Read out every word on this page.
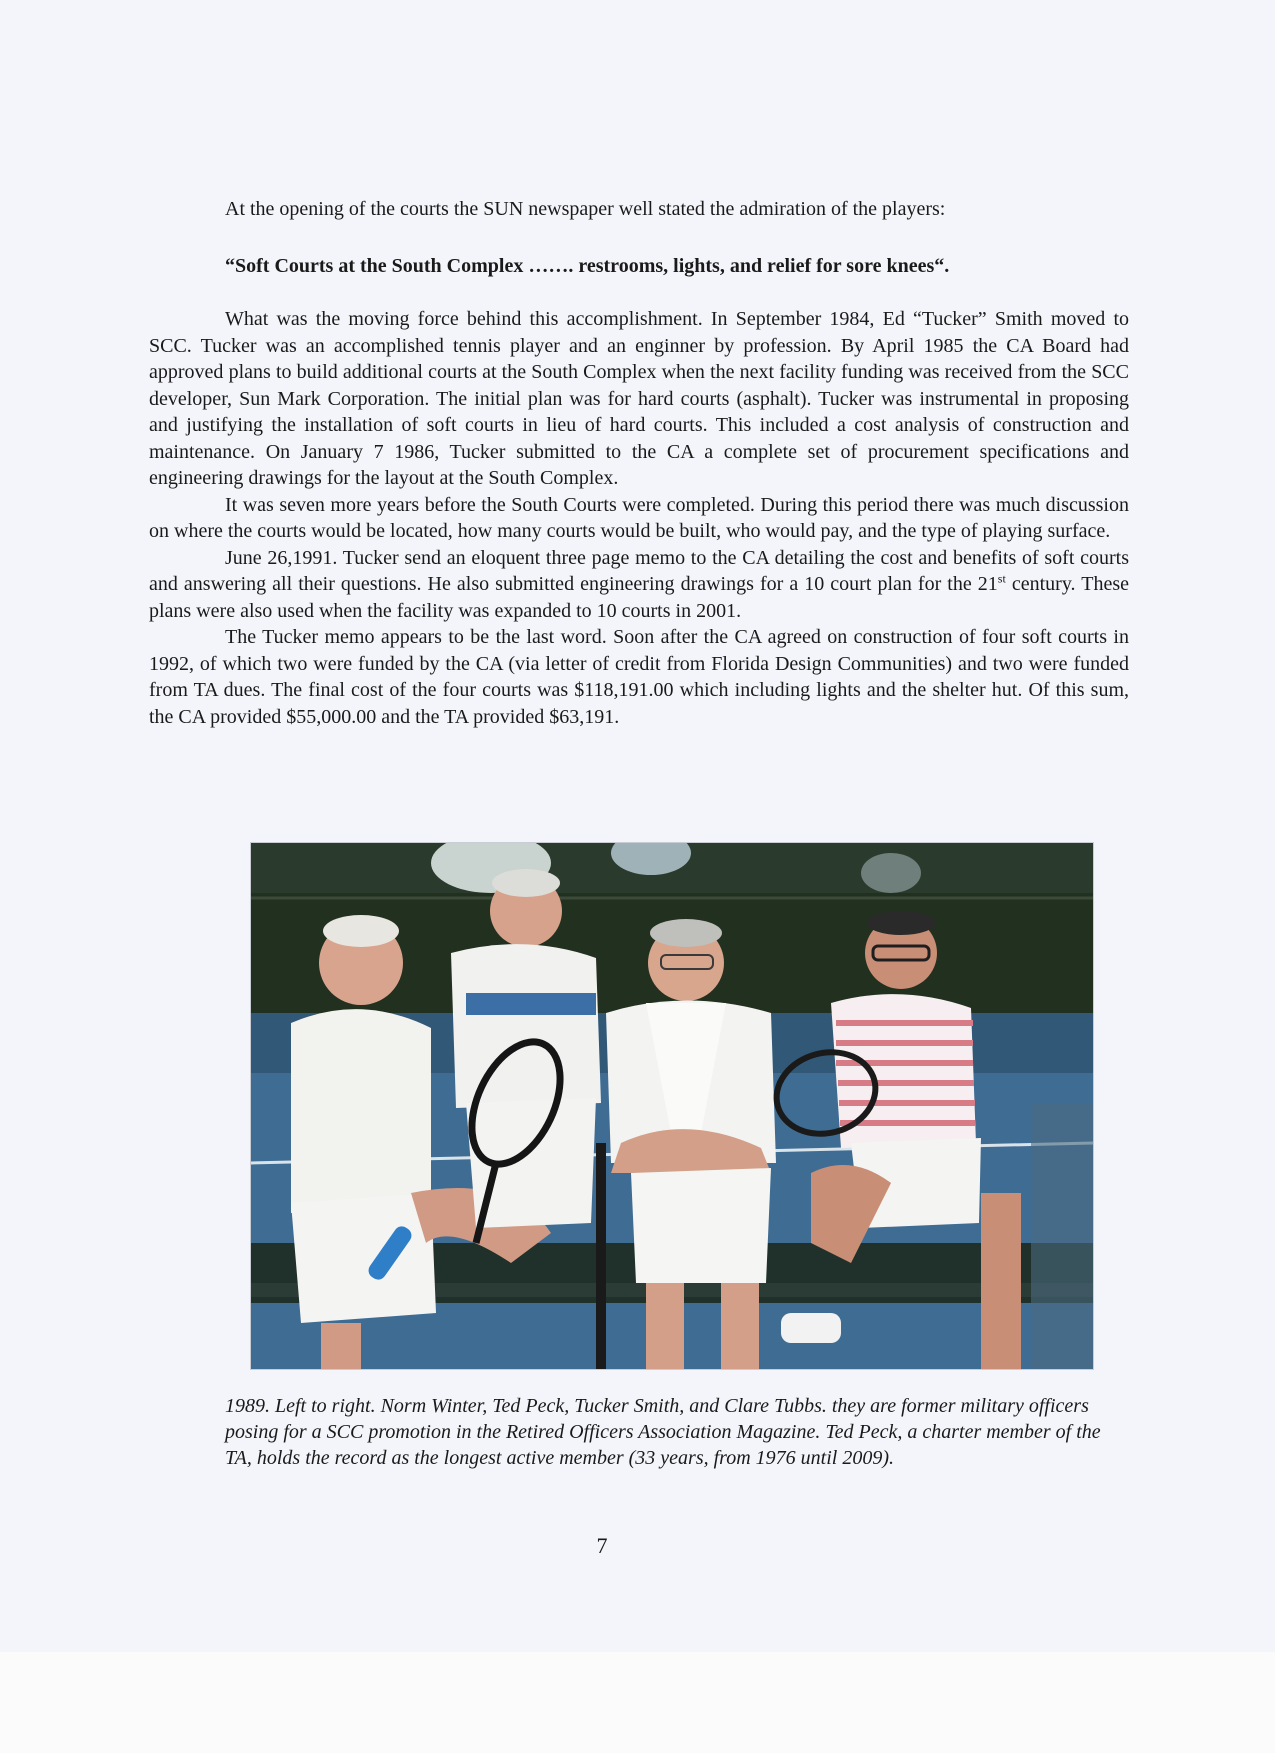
At the opening of the courts the SUN newspaper well stated the admiration of the players:
“Soft Courts at the South Complex ……. restrooms, lights, and relief for sore knees“.

What was the moving force behind this accomplishment. In September 1984, Ed “Tucker” Smith moved to SCC. Tucker was an accomplished tennis player and an enginner by profession. By April 1985 the CA Board had approved plans to build additional courts at the South Complex when the next facility funding was received from the SCC developer, Sun Mark Corporation. The initial plan was for hard courts (asphalt). Tucker was instrumental in proposing and justifying the installation of soft courts in lieu of hard courts. This included a cost analysis of construction and maintenance. On January 7 1986, Tucker submitted to the CA a complete set of procurement specifications and engineering drawings for the layout at the South Complex.

It was seven more years before the South Courts were completed. During this period there was much discussion on where the courts would be located, how many courts would be built, who would pay, and the type of playing surface.

June 26,1991. Tucker send an eloquent three page memo to the CA detailing the cost and benefits of soft courts and answering all their questions. He also submitted engineering drawings for a 10 court plan for the 21st century. These plans were also used when the facility was expanded to 10 courts in 2001.

The Tucker memo appears to be the last word. Soon after the CA agreed on construction of four soft courts in 1992, of which two were funded by the CA (via letter of credit from Florida Design Communities) and two were funded from TA dues. The final cost of the four courts was $118,191.00 which including lights and the shelter hut. Of this sum, the CA provided $55,000.00 and the TA provided $63,191.

1989. Left to right. Norm Winter, Ted Peck, Tucker Smith, and Clare Tubbs. they are former military officers posing for a SCC promotion in the Retired Officers Association Magazine. Ted Peck, a charter member of the TA, holds the record as the longest active member (33 years, from 1976 until 2009).
7
